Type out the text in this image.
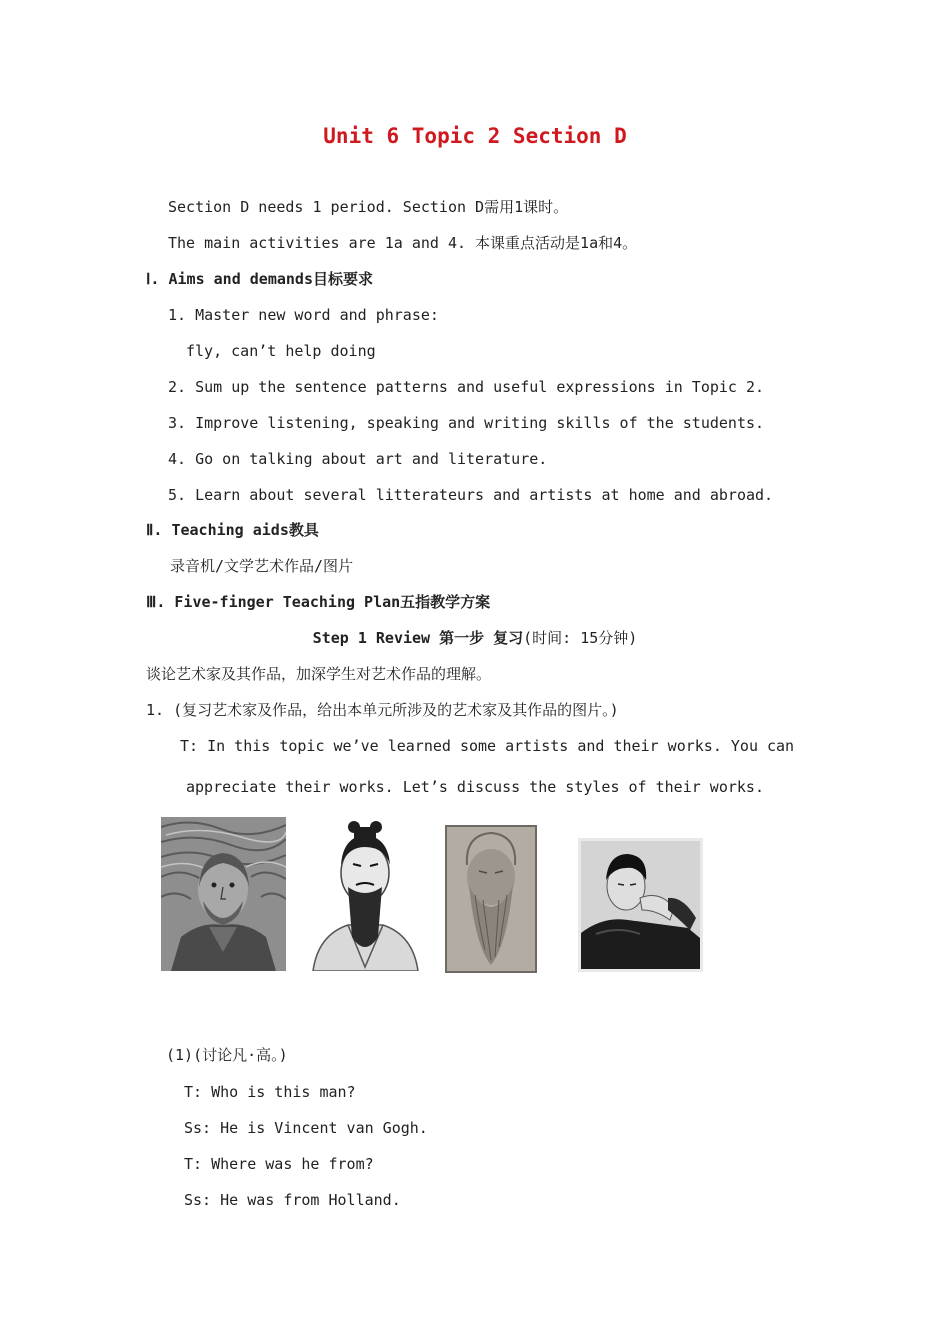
Unit 6 Topic 2 Section D
Section D needs 1 period. Section D需用1课时。
The main activities are 1a and 4. 本课重点活动是1a和4。
Ⅰ. Aims and demands目标要求
1. Master new word and phrase:
fly, can’t help doing
2. Sum up the sentence patterns and useful expressions in Topic 2.
3. Improve listening, speaking and writing skills of the students.
4. Go on talking about art and literature.
5. Learn about several litterateurs and artists at home and abroad.
Ⅱ. Teaching aids教具
录音机/文学艺术作品/图片
Ⅲ. Five-finger Teaching Plan五指教学方案
Step 1 Review 第一步 复习(时间: 15分钟)
谈论艺术家及其作品，加深学生对艺术作品的理解。
1. (复习艺术家及作品，给出本单元所涉及的艺术家及其作品的图片。)
T: In this topic we’ve learned some artists and their works. You can
appreciate their works. Let’s discuss the styles of their works.
(1)(讨论凡·高。)
T: Who is this man?
Ss: He is Vincent van Gogh.
T: Where was he from?
Ss: He was from Holland.
